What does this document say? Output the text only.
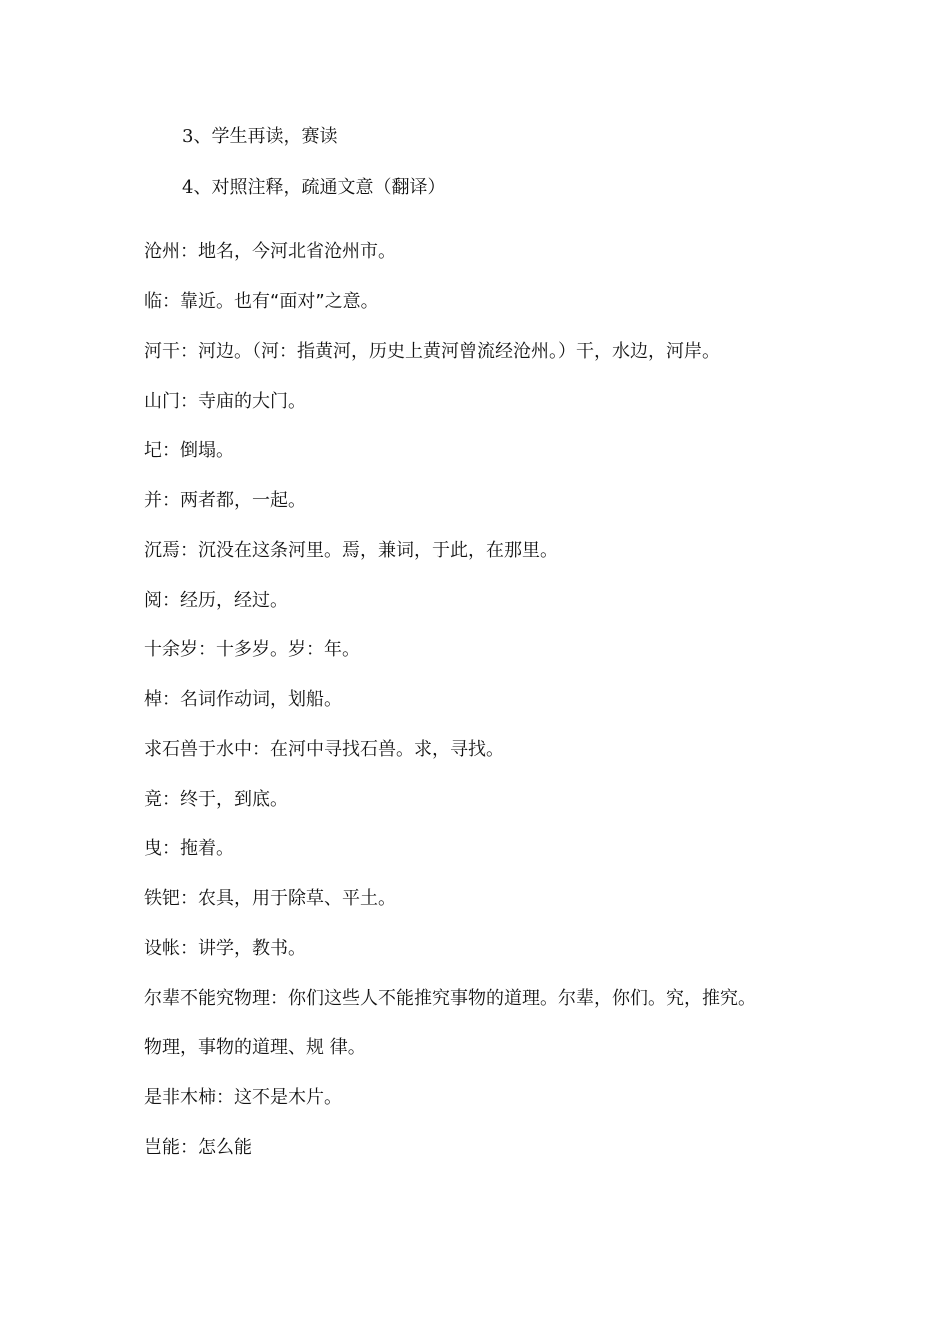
3、学生再读，赛读
4、对照注释，疏通文意（翻译）
沧州：地名，今河北省沧州市。
临：靠近。也有“面对”之意。
河干：河边。（河：指黄河，历史上黄河曾流经沧州。）干，水边，河岸。
山门：寺庙的大门。
圮：倒塌。
并：两者都，一起。
沉焉：沉没在这条河里。焉，兼词，于此，在那里。
阅：经历，经过。
十余岁：十多岁。岁：年。
棹：名词作动词，划船。
求石兽于水中：在河中寻找石兽。求，寻找。
竟：终于，到底。
曳：拖着。
铁钯：农具，用于除草、平土。
设帐：讲学，教书。
尔辈不能究物理：你们这些人不能推究事物的道理。尔辈，你们。究，推究。
物理，事物的道理、规 律。
是非木柿：这不是木片。
岂能：怎么能
